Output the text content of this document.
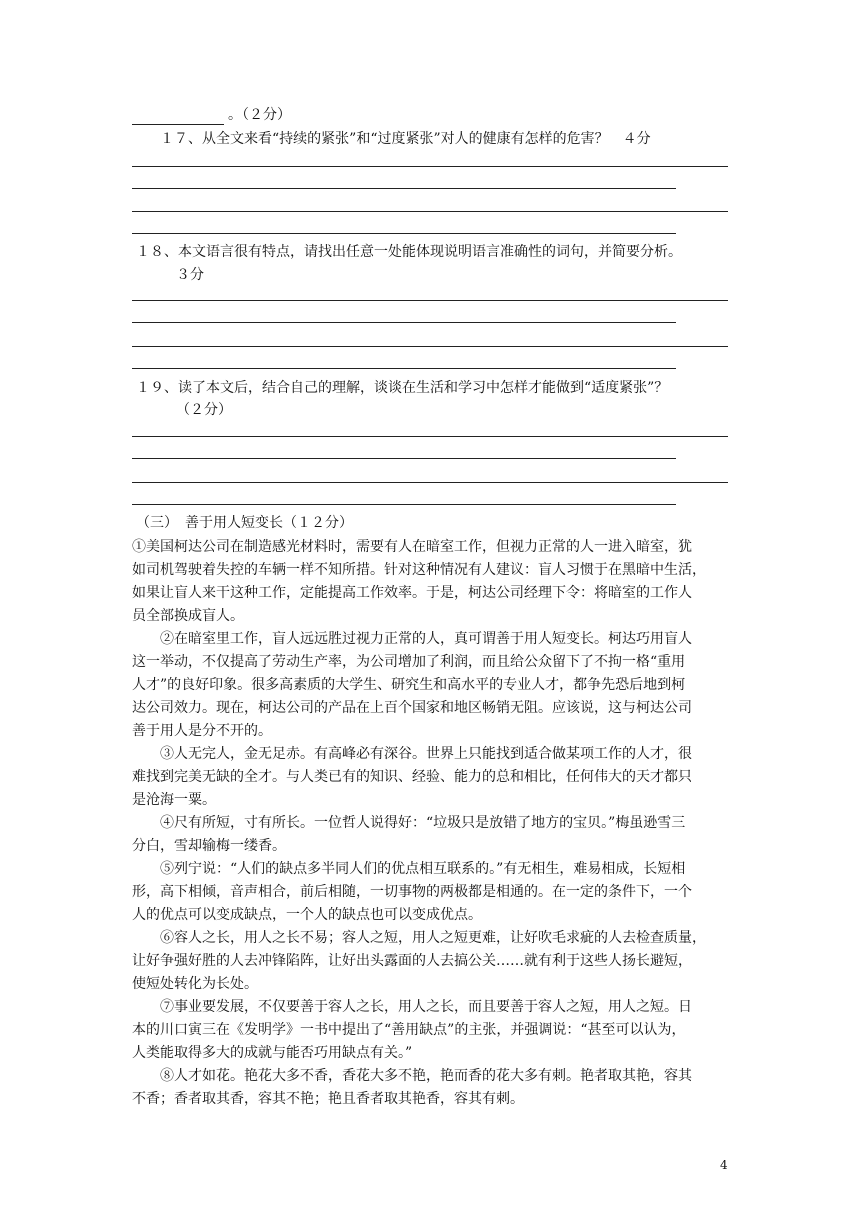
。（２分）
１７、从全文来看“持续的紧张”和“过度紧张”对人的健康有怎样的危害？　４分
１８、本文语言很有特点，请找出任意一处能体现说明语言准确性的词句，并简要分析。
３分
１９、读了本文后，结合自己的理解，谈谈在生活和学习中怎样才能做到“适度紧张”？
（２分）
（三）　善于用人短变长（１２分）
①美国柯达公司在制造感光材料时，需要有人在暗室工作，但视力正常的人一进入暗室，犹
如司机驾驶着失控的车辆一样不知所措。针对这种情况有人建议：盲人习惯于在黑暗中生活，
如果让盲人来干这种工作，定能提高工作效率。于是，柯达公司经理下令：将暗室的工作人
员全部换成盲人。
②在暗室里工作，盲人远远胜过视力正常的人，真可谓善于用人短变长。柯达巧用盲人
这一举动，不仅提高了劳动生产率，为公司增加了利润，而且给公众留下了不拘一格“重用
人才”的良好印象。很多高素质的大学生、研究生和高水平的专业人才，都争先恐后地到柯
达公司效力。现在，柯达公司的产品在上百个国家和地区畅销无阻。应该说，这与柯达公司
善于用人是分不开的。
③人无完人，金无足赤。有高峰必有深谷。世界上只能找到适合做某项工作的人才，很
难找到完美无缺的全才。与人类已有的知识、经验、能力的总和相比，任何伟大的天才都只
是沧海一粟。
④尺有所短，寸有所长。一位哲人说得好：“垃圾只是放错了地方的宝贝。”梅虽逊雪三
分白，雪却输梅一缕香。
⑤列宁说：“人们的缺点多半同人们的优点相互联系的。”有无相生，难易相成，长短相
形，高下相倾，音声相合，前后相随，一切事物的两极都是相通的。在一定的条件下，一个
人的优点可以变成缺点，一个人的缺点也可以变成优点。
⑥容人之长，用人之长不易；容人之短，用人之短更难，让好吹毛求疵的人去检查质量，
让好争强好胜的人去冲锋陷阵，让好出头露面的人去搞公关……就有利于这些人扬长避短，
使短处转化为长处。
⑦事业要发展，不仅要善于容人之长，用人之长，而且要善于容人之短，用人之短。日
本的川口寅三在《发明学》一书中提出了“善用缺点”的主张，并强调说：“甚至可以认为，
人类能取得多大的成就与能否巧用缺点有关。”
⑧人才如花。艳花大多不香，香花大多不艳，艳而香的花大多有刺。艳者取其艳，容其
不香；香者取其香，容其不艳；艳且香者取其艳香，容其有刺。
4
